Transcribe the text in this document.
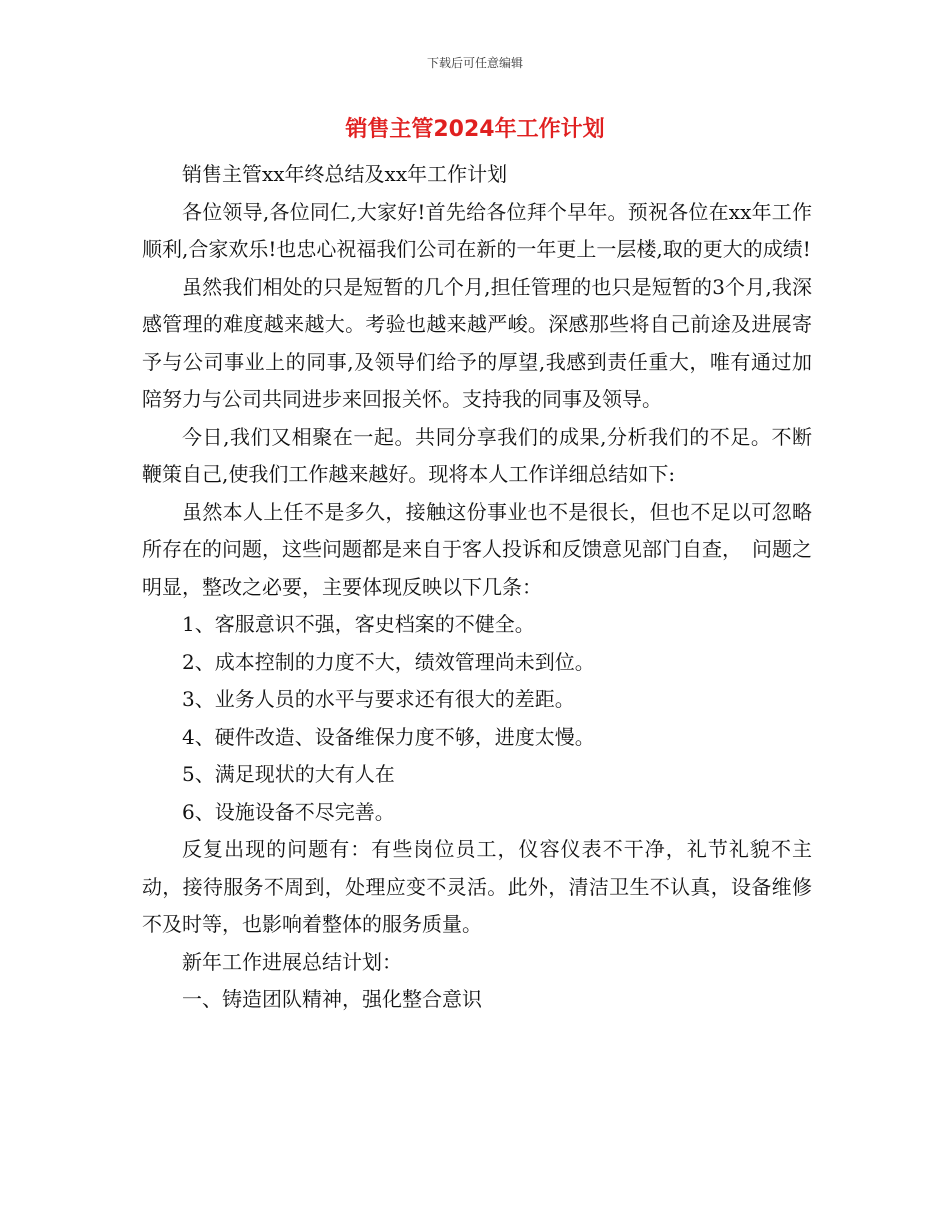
下载后可任意编辑
销售主管2024年工作计划

销售主管xx年终总结及xx年工作计划

各位领导,各位同仁,大家好!首先给各位拜个早年。预祝各位在xx年工作顺利,合家欢乐!也忠心祝福我们公司在新的一年更上一层楼,取的更大的成绩!

虽然我们相处的只是短暂的几个月,担任管理的也只是短暂的3个月,我深感管理的难度越来越大。考验也越来越严峻。深感那些将自己前途及进展寄予与公司事业上的同事,及领导们给予的厚望,我感到责任重大，唯有通过加陪努力与公司共同进步来回报关怀。支持我的同事及领导。

今日,我们又相聚在一起。共同分享我们的成果,分析我们的不足。不断鞭策自己,使我们工作越来越好。现将本人工作详细总结如下:

虽然本人上任不是多久，接触这份事业也不是很长，但也不足以可忽略所存在的问题，这些问题都是来自于客人投诉和反馈意见部门自查，　问题之明显，整改之必要，主要体现反映以下几条：

1、客服意识不强，客史档案的不健全。

2、成本控制的力度不大，绩效管理尚未到位。

3、业务人员的水平与要求还有很大的差距。

4、硬件改造、设备维保力度不够，进度太慢。

5、满足现状的大有人在

6、设施设备不尽完善。

反复出现的问题有：有些岗位员工，仪容仪表不干净，礼节礼貌不主动，接待服务不周到，处理应变不灵活。此外，清洁卫生不认真，设备维修不及时等，也影响着整体的服务质量。

新年工作进展总结计划：

一、铸造团队精神，强化整合意识
